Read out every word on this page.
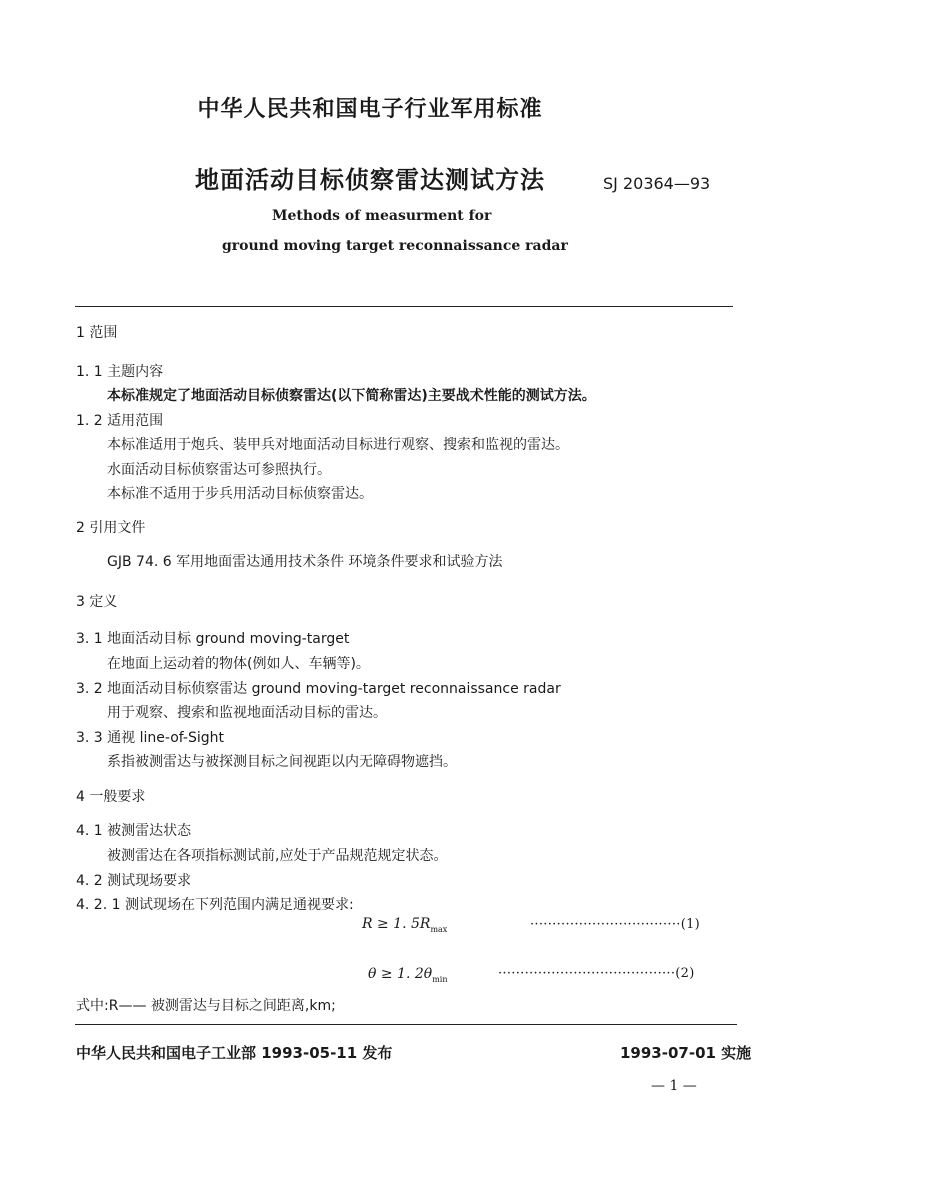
中华人民共和国电子行业军用标准
地面活动目标侦察雷达测试方法	SJ 20364—93
Methods of measurment for
ground moving target reconnaissance radar
1 范围
1. 1 主题内容
本标准规定了地面活动目标侦察雷达(以下简称雷达)主要战术性能的测试方法。
1. 2 适用范围
本标准适用于炮兵、装甲兵对地面活动目标进行观察、搜索和监视的雷达。
水面活动目标侦察雷达可参照执行。
本标准不适用于步兵用活动目标侦察雷达。
2 引用文件
GJB 74. 6 军用地面雷达通用技术条件 环境条件要求和试验方法
3 定义
3. 1 地面活动目标 ground moving-target
在地面上运动着的物体(例如人、车辆等)。
3. 2 地面活动目标侦察雷达 ground moving-target reconnaissance radar
用于观察、搜索和监视地面活动目标的雷达。
3. 3 通视 line-of-Sight
系指被测雷达与被探测目标之间视距以内无障碍物遮挡。
4 一般要求
4. 1 被测雷达状态
被测雷达在各项指标测试前,应处于产品规范规定状态。
4. 2 测试现场要求
4. 2. 1 测试现场在下列范围内满足通视要求:
R ≥ 1. $5R_{max}$	··································(1)
θ ≥ 1. $2\theta_{min}$	········································(2)
式中:R—— 被测雷达与目标之间距离,km;
中华人民共和国电子工业部 1993-05-11 发布	1993-07-01 实施
— 1 —
